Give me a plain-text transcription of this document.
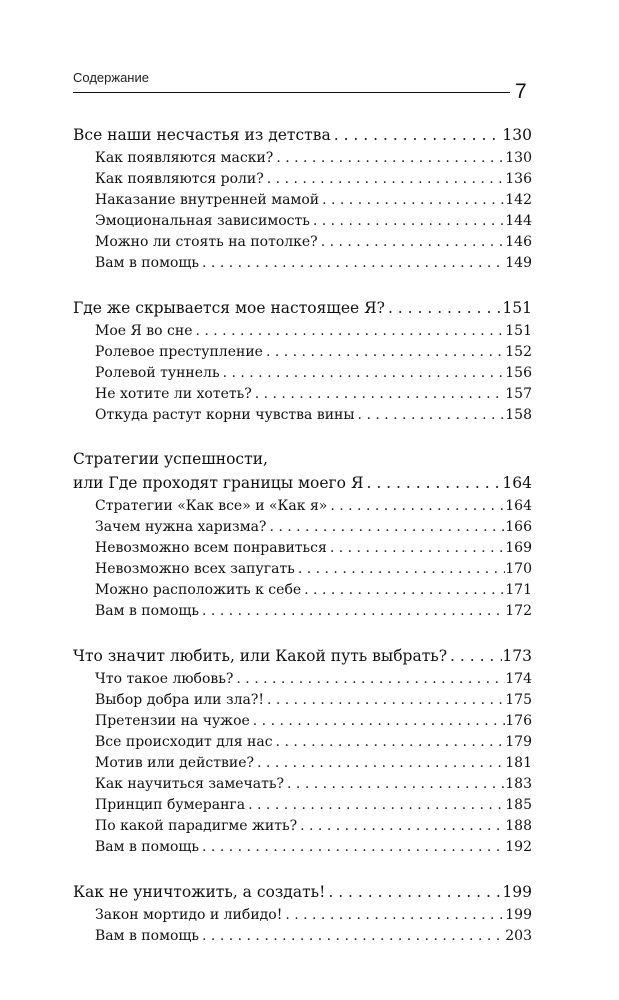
Содержание
7
Все наши несчастья из детства . . .	130
Как появляются маски? . . .	130
Как появляются роли? . . .	136
Наказание внутренней мамой . . .	142
Эмоциональная зависимость . . .	144
Можно ли стоять на потолке? . . .	146
Вам в помощь . . .	149
Где же скрывается мое настоящее Я? . . .	151
Мое Я во сне . . .	151
Ролевое преступление . . .	152
Ролевой туннель . . .	156
Не хотите ли хотеть? . . .	157
Откуда растут корни чувства вины . . .	158
Стратегии успешности,
или Где проходят границы моего Я . . .	164
Стратегии «Как все» и «Как я» . . .	164
Зачем нужна харизма? . . .	166
Невозможно всем понравиться . . .	169
Невозможно всех запугать . . .	170
Можно расположить к себе . . .	171
Вам в помощь . . .	172
Что значит любить, или Какой путь выбрать? . . .	173
Что такое любовь? . . .	174
Выбор добра или зла?! . . .	175
Претензии на чужое . . .	176
Все происходит для нас . . .	179
Мотив или действие? . . .	181
Как научиться замечать? . . .	183
Принцип бумеранга . . .	185
По какой парадигме жить? . . .	188
Вам в помощь . . .	192
Как не уничтожить, а создать! . . .	199
Закон мортидо и либидо! . . .	199
Вам в помощь . . .	203
